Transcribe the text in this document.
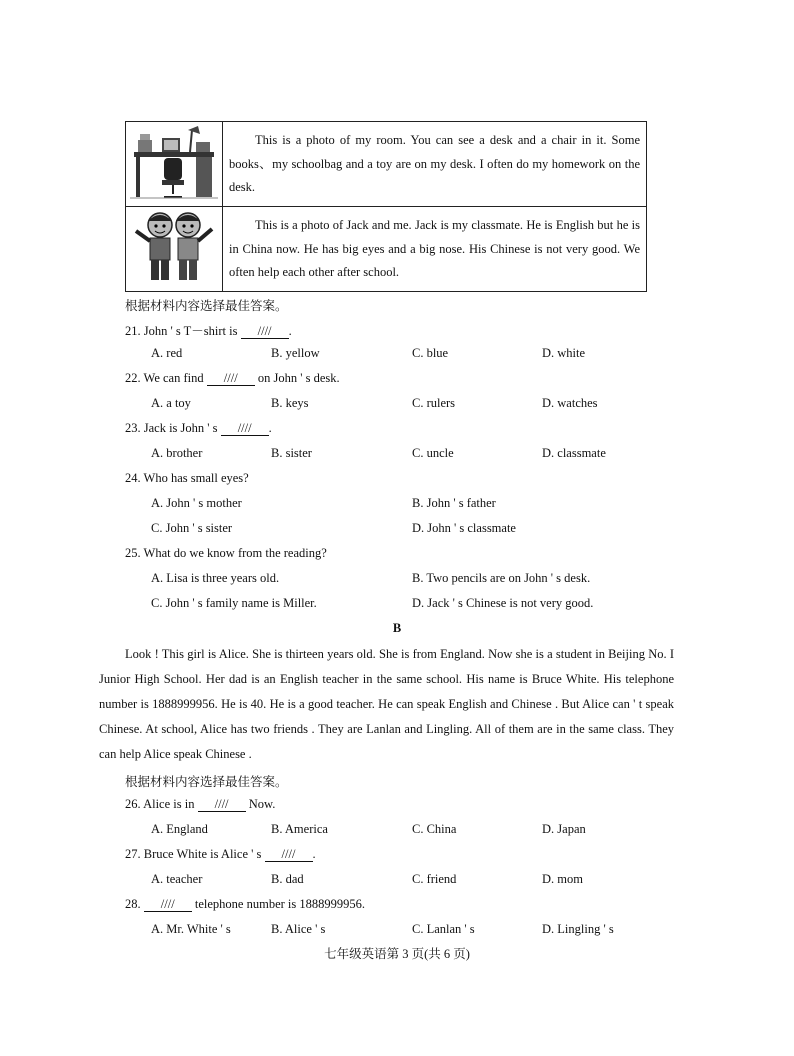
	This is a photo of my room. You can see a desk and a chair in it. Some books、my schoolbag and a toy are on my desk. I often do my homework on the desk.
	This is a photo of Jack and me. Jack is my classmate. He is English but he is in China now. He has big eyes and a big nose. His Chinese is not very good. We often help each other after school.
根据材料内容选择最佳答案。
21. John ' s T－shirt is //// .
A. red	B. yellow	C. blue	D. white
22. We can find //// on John ' s desk.
A. a toy	B. keys	C. rulers	D. watches
23. Jack is John ' s //// .
A. brother	B. sister	C. uncle	D. classmate
24. Who has small eyes?
A. John ' s mother	B. John ' s father
C. John ' s sister	D. John ' s classmate
25. What do we know from the reading?
A. Lisa is three years old.	B. Two pencils are on John ' s desk.
C. John ' s family name is Miller.	D. Jack ' s Chinese is not very good.
B

Look ! This girl is Alice. She is thirteen years old. She is from England. Now she is a student in Beijing No. I Junior High School. Her dad is an English teacher in the same school. His name is Bruce White. His telephone number is 1888999956. He is 40. He is a good teacher. He can speak English and Chinese . But Alice can ' t speak Chinese. At school, Alice has two friends . They are Lanlan and Lingling. All of them are in the same class. They can help Alice speak Chinese .

根据材料内容选择最佳答案。
26. Alice is in //// Now.
A. England	B. America	C. China	D. Japan
27. Bruce White is Alice ' s //// .
A. teacher	B. dad	C. friend	D. mom
28. //// telephone number is 1888999956.
A. Mr. White ' s	B. Alice ' s	C. Lanlan ' s	D. Lingling ' s
七年级英语第 3 页(共 6 页)
